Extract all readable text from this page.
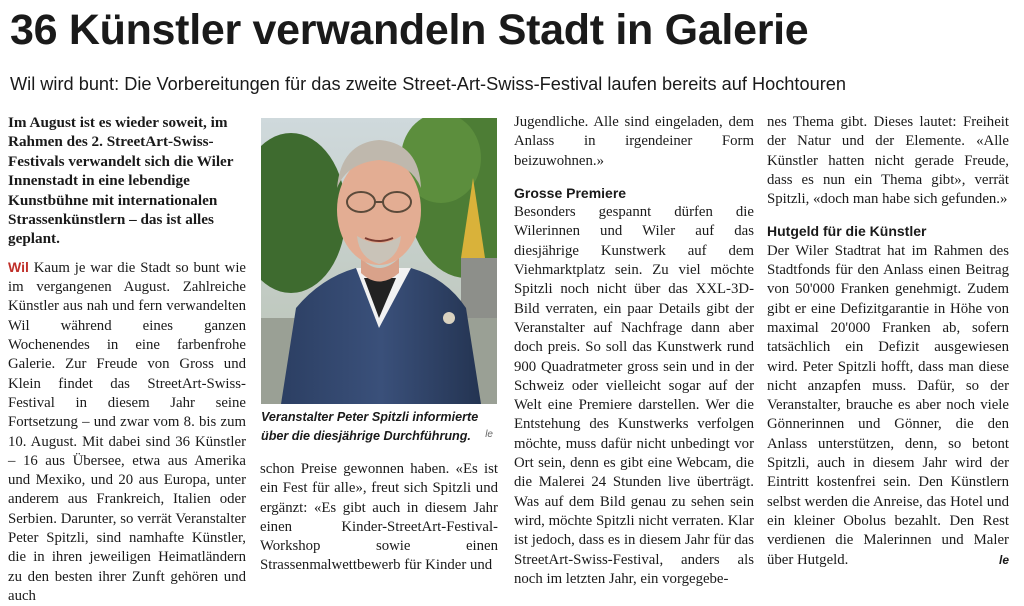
36 Künstler verwandeln Stadt in Galerie

Wil wird bunt: Die Vorbereitungen für das zweite Street-Art-Swiss-Festival laufen bereits auf Hochtouren

Im August ist es wieder soweit, im Rahmen des 2. StreetArt-Swiss-Festivals verwandelt sich die Wiler Innenstadt in eine lebendige Kunstbühne mit internationalen Strassenkünstlern – das ist alles geplant.

Wil Kaum je war die Stadt so bunt wie im vergangenen August. Zahlreiche Künstler aus nah und fern verwandelten Wil während eines ganzen Wochenendes in eine farbenfrohe Galerie. Zur Freude von Gross und Klein findet das StreetArt-Swiss-Festival in diesem Jahr seine Fortsetzung – und zwar vom 8. bis zum 10. August. Mit dabei sind 36 Künstler – 16 aus Übersee, etwa aus Amerika und Mexiko, und 20 aus Europa, unter anderem aus Frankreich, Italien oder Serbien. Darunter, so verrät Veranstalter Peter Spitzli, sind namhafte Künstler, die in ihren jeweiligen Heimatländern zu den besten ihrer Zunft gehören und auch

Veranstalter Peter Spitzli informierte über die diesjährige Durchführung. le

schon Preise gewonnen haben. «Es ist ein Fest für alle», freut sich Spitzli und ergänzt: «Es gibt auch in diesem Jahr einen Kinder-StreetArt-Festival-Workshop sowie einen Strassenmalwettbewerb für Kinder und

Jugendliche. Alle sind eingeladen, dem Anlass in irgendeiner Form beizuwohnen.»

Grosse Premiere

Besonders gespannt dürfen die Wilerinnen und Wiler auf das diesjährige Kunstwerk auf dem Viehmarktplatz sein. Zu viel möchte Spitzli noch nicht über das XXL-3D-Bild verraten, ein paar Details gibt der Veranstalter auf Nachfrage dann aber doch preis. So soll das Kunstwerk rund 900 Quadratmeter gross sein und in der Schweiz oder vielleicht sogar auf der Welt eine Premiere darstellen. Wer die Entstehung des Kunstwerks verfolgen möchte, muss dafür nicht unbedingt vor Ort sein, denn es gibt eine Webcam, die die Malerei 24 Stunden live überträgt. Was auf dem Bild genau zu sehen sein wird, möchte Spitzli nicht verraten. Klar ist jedoch, dass es in diesem Jahr für das StreetArt-Swiss-Festival, anders als noch im letzten Jahr, ein vorgegebe-

nes Thema gibt. Dieses lautet: Freiheit der Natur und der Elemente. «Alle Künstler hatten nicht gerade Freude, dass es nun ein Thema gibt», verrät Spitzli, «doch man habe sich gefunden.»

Hutgeld für die Künstler

Der Wiler Stadtrat hat im Rahmen des Stadtfonds für den Anlass einen Beitrag von 50'000 Franken genehmigt. Zudem gibt er eine Defizitgarantie in Höhe von maximal 20'000 Franken ab, sofern tatsächlich ein Defizit ausgewiesen wird. Peter Spitzli hofft, dass man diese nicht anzapfen muss. Dafür, so der Veranstalter, brauche es aber noch viele Gönnerinnen und Gönner, die den Anlass unterstützen, denn, so betont Spitzli, auch in diesem Jahr wird der Eintritt kostenfrei sein. Den Künstlern selbst werden die Anreise, das Hotel und ein kleiner Obolus bezahlt. Den Rest verdienen die Malerinnen und Maler über Hutgeld.	le
